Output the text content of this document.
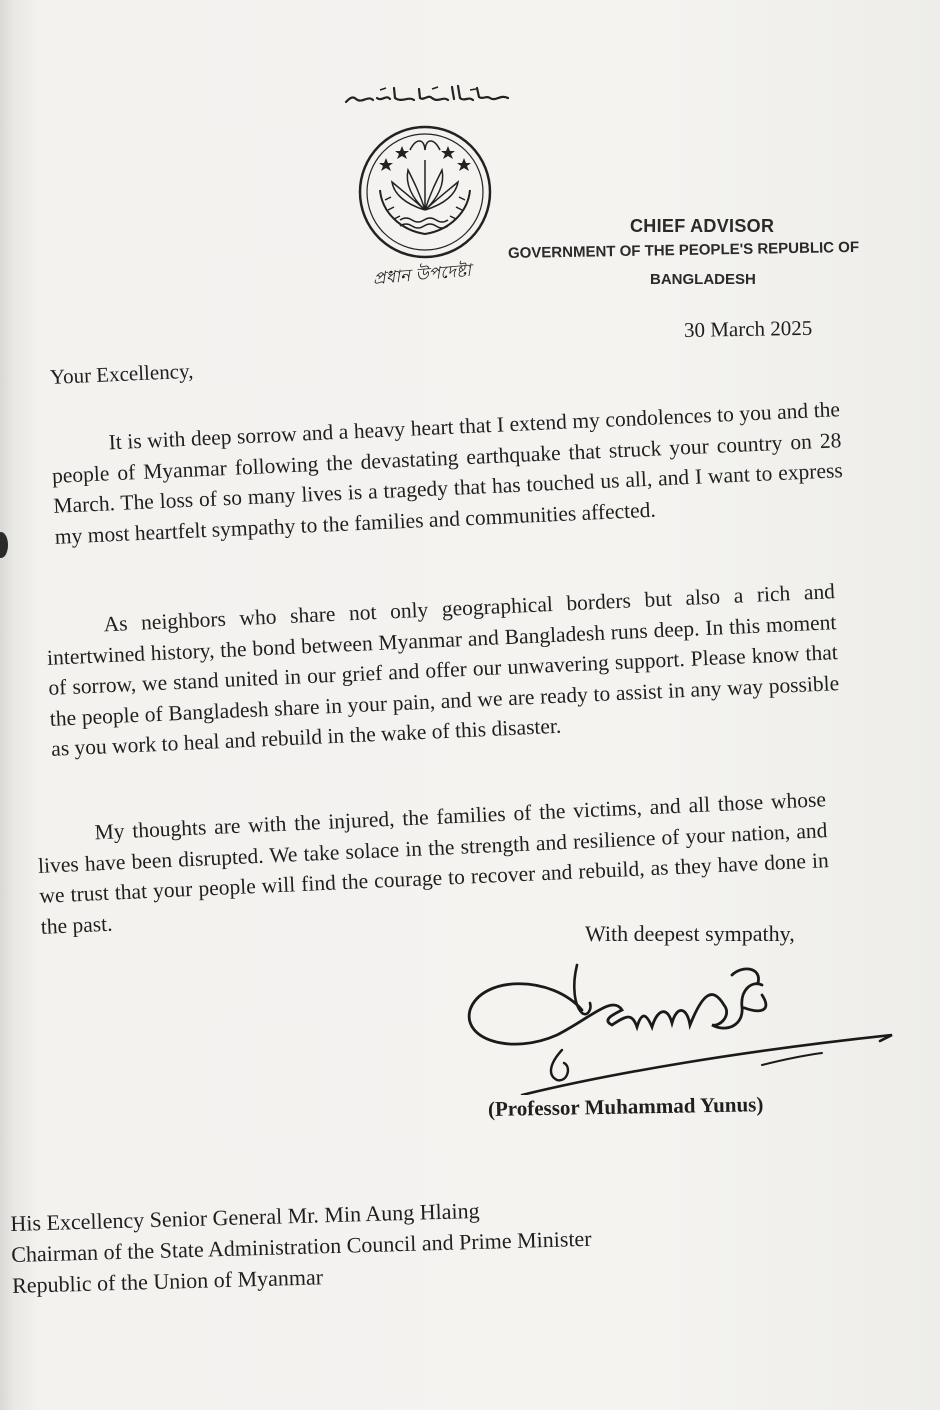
প্রধান উপদেষ্টা
CHIEF ADVISOR
GOVERNMENT OF THE PEOPLE'S REPUBLIC OF
BANGLADESH
30 March 2025
Your Excellency,

It is with deep sorrow and a heavy heart that I extend my condolences to you and the people of Myanmar following the devastating earthquake that struck your country on 28 March. The loss of so many lives is a tragedy that has touched us all, and I want to express my most heartfelt sympathy to the families and communities affected.

As neighbors who share not only geographical borders but also a rich and intertwined history, the bond between Myanmar and Bangladesh runs deep. In this moment of sorrow, we stand united in our grief and offer our unwavering support. Please know that the people of Bangladesh share in your pain, and we are ready to assist in any way possible as you work to heal and rebuild in the wake of this disaster.

My thoughts are with the injured, the families of the victims, and all those whose lives have been disrupted. We take solace in the strength and resilience of your nation, and we trust that your people will find the courage to recover and rebuild, as they have done in the past.	With deepest sympathy,
(Professor Muhammad Yunus)
His Excellency Senior General Mr. Min Aung Hlaing
Chairman of the State Administration Council and Prime Minister
Republic of the Union of Myanmar
